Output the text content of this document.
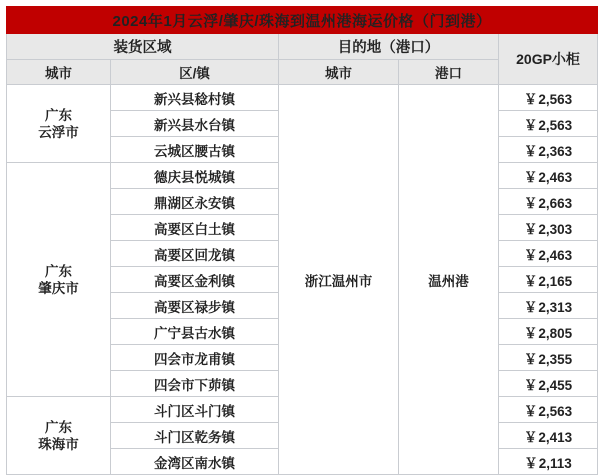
2024年1月云浮/肇庆/珠海到温州港海运价格（门到港）				
装货区域		目的地（港口）		20GP小柜
城市	区/镇	城市	港口	
广东
云浮市	新兴县稔村镇	浙江温州市	温州港	￥2,563
	新兴县水台镇			￥2,563
	云城区腰古镇			￥2,363
广东
肇庆市	德庆县悦城镇			￥2,463
	鼎湖区永安镇			￥2,663
	高要区白土镇			￥2,303
	高要区回龙镇			￥2,463
	高要区金利镇			￥2,165
	高要区禄步镇			￥2,313
	广宁县古水镇			￥2,805
	四会市龙甫镇			￥2,355
	四会市下茆镇			￥2,455
广东
珠海市	斗门区斗门镇			￥2,563
	斗门区乾务镇			￥2,413
	金湾区南水镇			￥2,113
